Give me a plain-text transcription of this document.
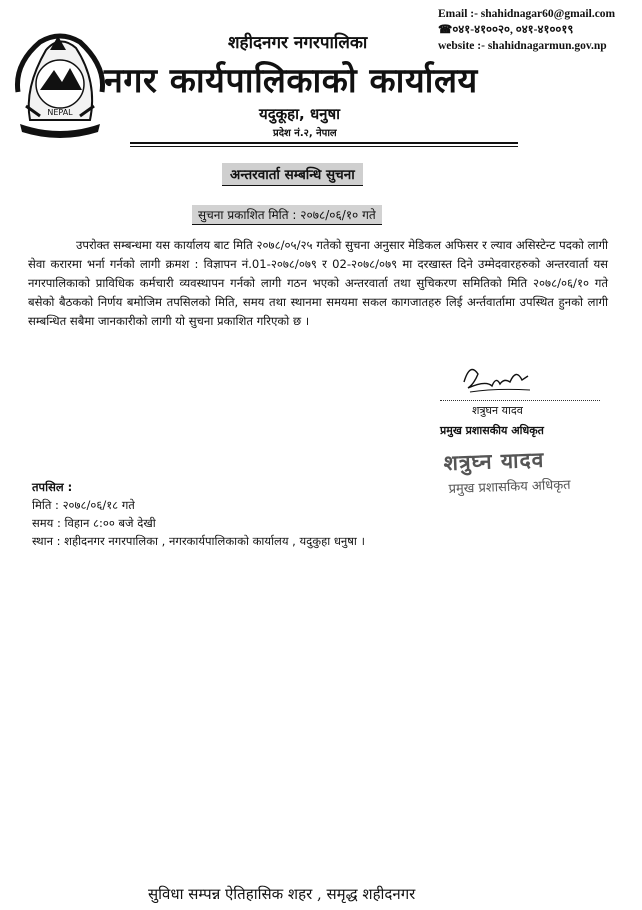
Email :- shahidnagar60@gmail.com
☎०४१-४१००२०, ०४१-४१००१९
website :- shahidnagarmun.gov.np
NEPAL
शहीदनगर नगरपालिका
नगर कार्यपालिकाको कार्यालय
यदुकूहा, धनुषा
प्रदेश नं.२, नेपाल
अन्तरवार्ता सम्बन्धि सुचना
सुचना प्रकाशित मिति : २०७८/०६/१० गते

उपरोक्त सम्बन्धमा यस कार्यालय बाट मिति २०७८/०५/२५ गतेको सुचना अनुसार मेडिकल अफिसर र ल्याव असिस्टेन्ट पदको लागी सेवा करारमा भर्ना गर्नको लागी क्रमश : विज्ञापन नं.01-२०७८/०७९ र 02-२०७८/०७९ मा दरखास्त दिने उम्मेदवारहरुको अन्तरवार्ता यस नगरपालिकाको प्राविधिक कर्मचारी व्यवस्थापन गर्नको लागी गठन भएको अन्तरवार्ता तथा सुचिकरण समितिको मिति २०७८/०६/१० गते बसेको बैठकको निर्णय बमोजिम तपसिलको मिति, समय तथा स्थानमा समयमा सकल कागजातहरु लिई अर्न्तवार्तामा उपस्थित हुनको लागी सम्बन्धित सबैमा जानकारीको लागी यो सुचना प्रकाशित गरिएको छ ।

शत्रुघन यादव
प्रमुख प्रशासकीय अधिकृत
शत्रुघ्न यादव
प्रमुख प्रशासकिय अधिकृत
तपसिल :
मिति : २०७८/०६/१८ गते
समय : विहान ८:०० बजे देखी
स्थान : शहीदनगर नगरपालिका , नगरकार्यपालिकाको कार्यालय , यदुकुहा धनुषा ।
सुविधा सम्पन्न ऐतिहासिक शहर , समृद्ध शहीदनगर
